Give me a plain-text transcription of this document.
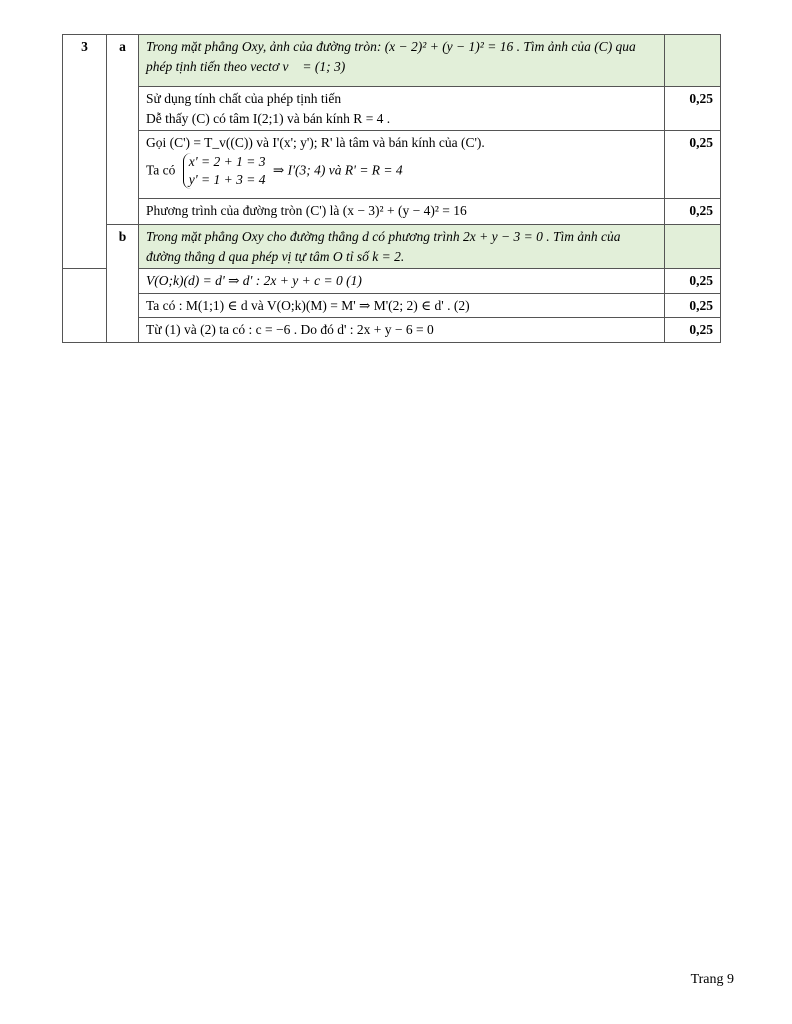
3	a	Trong mặt phẳng Oxy, ảnh của đường tròn: (x − 2)² + (y − 1)² = 16 . Tìm ảnh của (C) qua phép tịnh tiến theo vectơ v⃗ = (1; 3)	

		Sử dụng tính chất của phép tịnh tiến
Dễ thấy (C) có tâm I(2;1) và bán kính R = 4 .	0,25

		Gọi (C') = T_v((C)) và I'(x'; y'); R' là tâm và bán kính của (C').
Ta có
x' = 2 + 1 = 3
y' = 1 + 3 = 4
⇒ I'(3; 4) và R' = R = 4	0,25
		Phương trình của đường tròn (C') là (x − 3)² + (y − 4)² = 16	0,25
	b	Trong mặt phẳng Oxy cho đường thẳng d có phương trình 2x + y − 3 = 0 . Tìm ảnh của đường thẳng d qua phép vị tự tâm O tỉ số k = 2.	
		V(O;k)(d) = d' ⇒ d' : 2x + y + c = 0 (1)	0,25
		Ta có : M(1;1) ∈ d và V(O;k)(M) = M' ⇒ M'(2; 2) ∈ d' . (2)	0,25
		Từ (1) và (2) ta có : c = −6 . Do đó d' : 2x + y − 6 = 0	0,25
Trang 9
